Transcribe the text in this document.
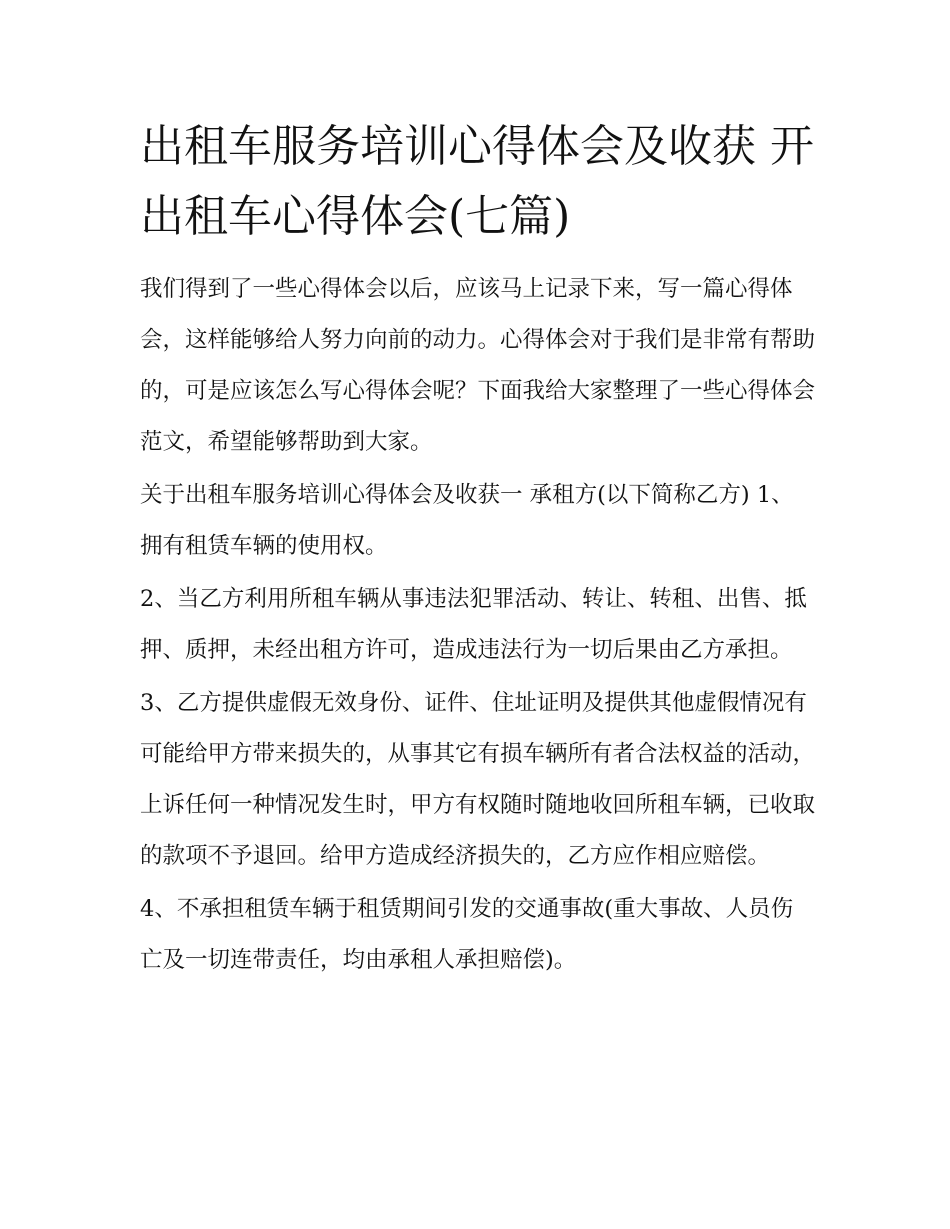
出租车服务培训心得体会及收获 开出租车心得体会(七篇)

我们得到了一些心得体会以后，应该马上记录下来，写一篇心得体会，这样能够给人努力向前的动力。心得体会对于我们是非常有帮助的，可是应该怎么写心得体会呢？下面我给大家整理了一些心得体会范文，希望能够帮助到大家。

关于出租车服务培训心得体会及收获一 承租方(以下简称乙方) 1、拥有租赁车辆的使用权。

2、当乙方利用所租车辆从事违法犯罪活动、转让、转租、出售、抵押、质押，未经出租方许可，造成违法行为一切后果由乙方承担。

3、乙方提供虚假无效身份、证件、住址证明及提供其他虚假情况有可能给甲方带来损失的，从事其它有损车辆所有者合法权益的活动，上诉任何一种情况发生时，甲方有权随时随地收回所租车辆，已收取的款项不予退回。给甲方造成经济损失的，乙方应作相应赔偿。

4、不承担租赁车辆于租赁期间引发的交通事故(重大事故、人员伤亡及一切连带责任，均由承租人承担赔偿)。
